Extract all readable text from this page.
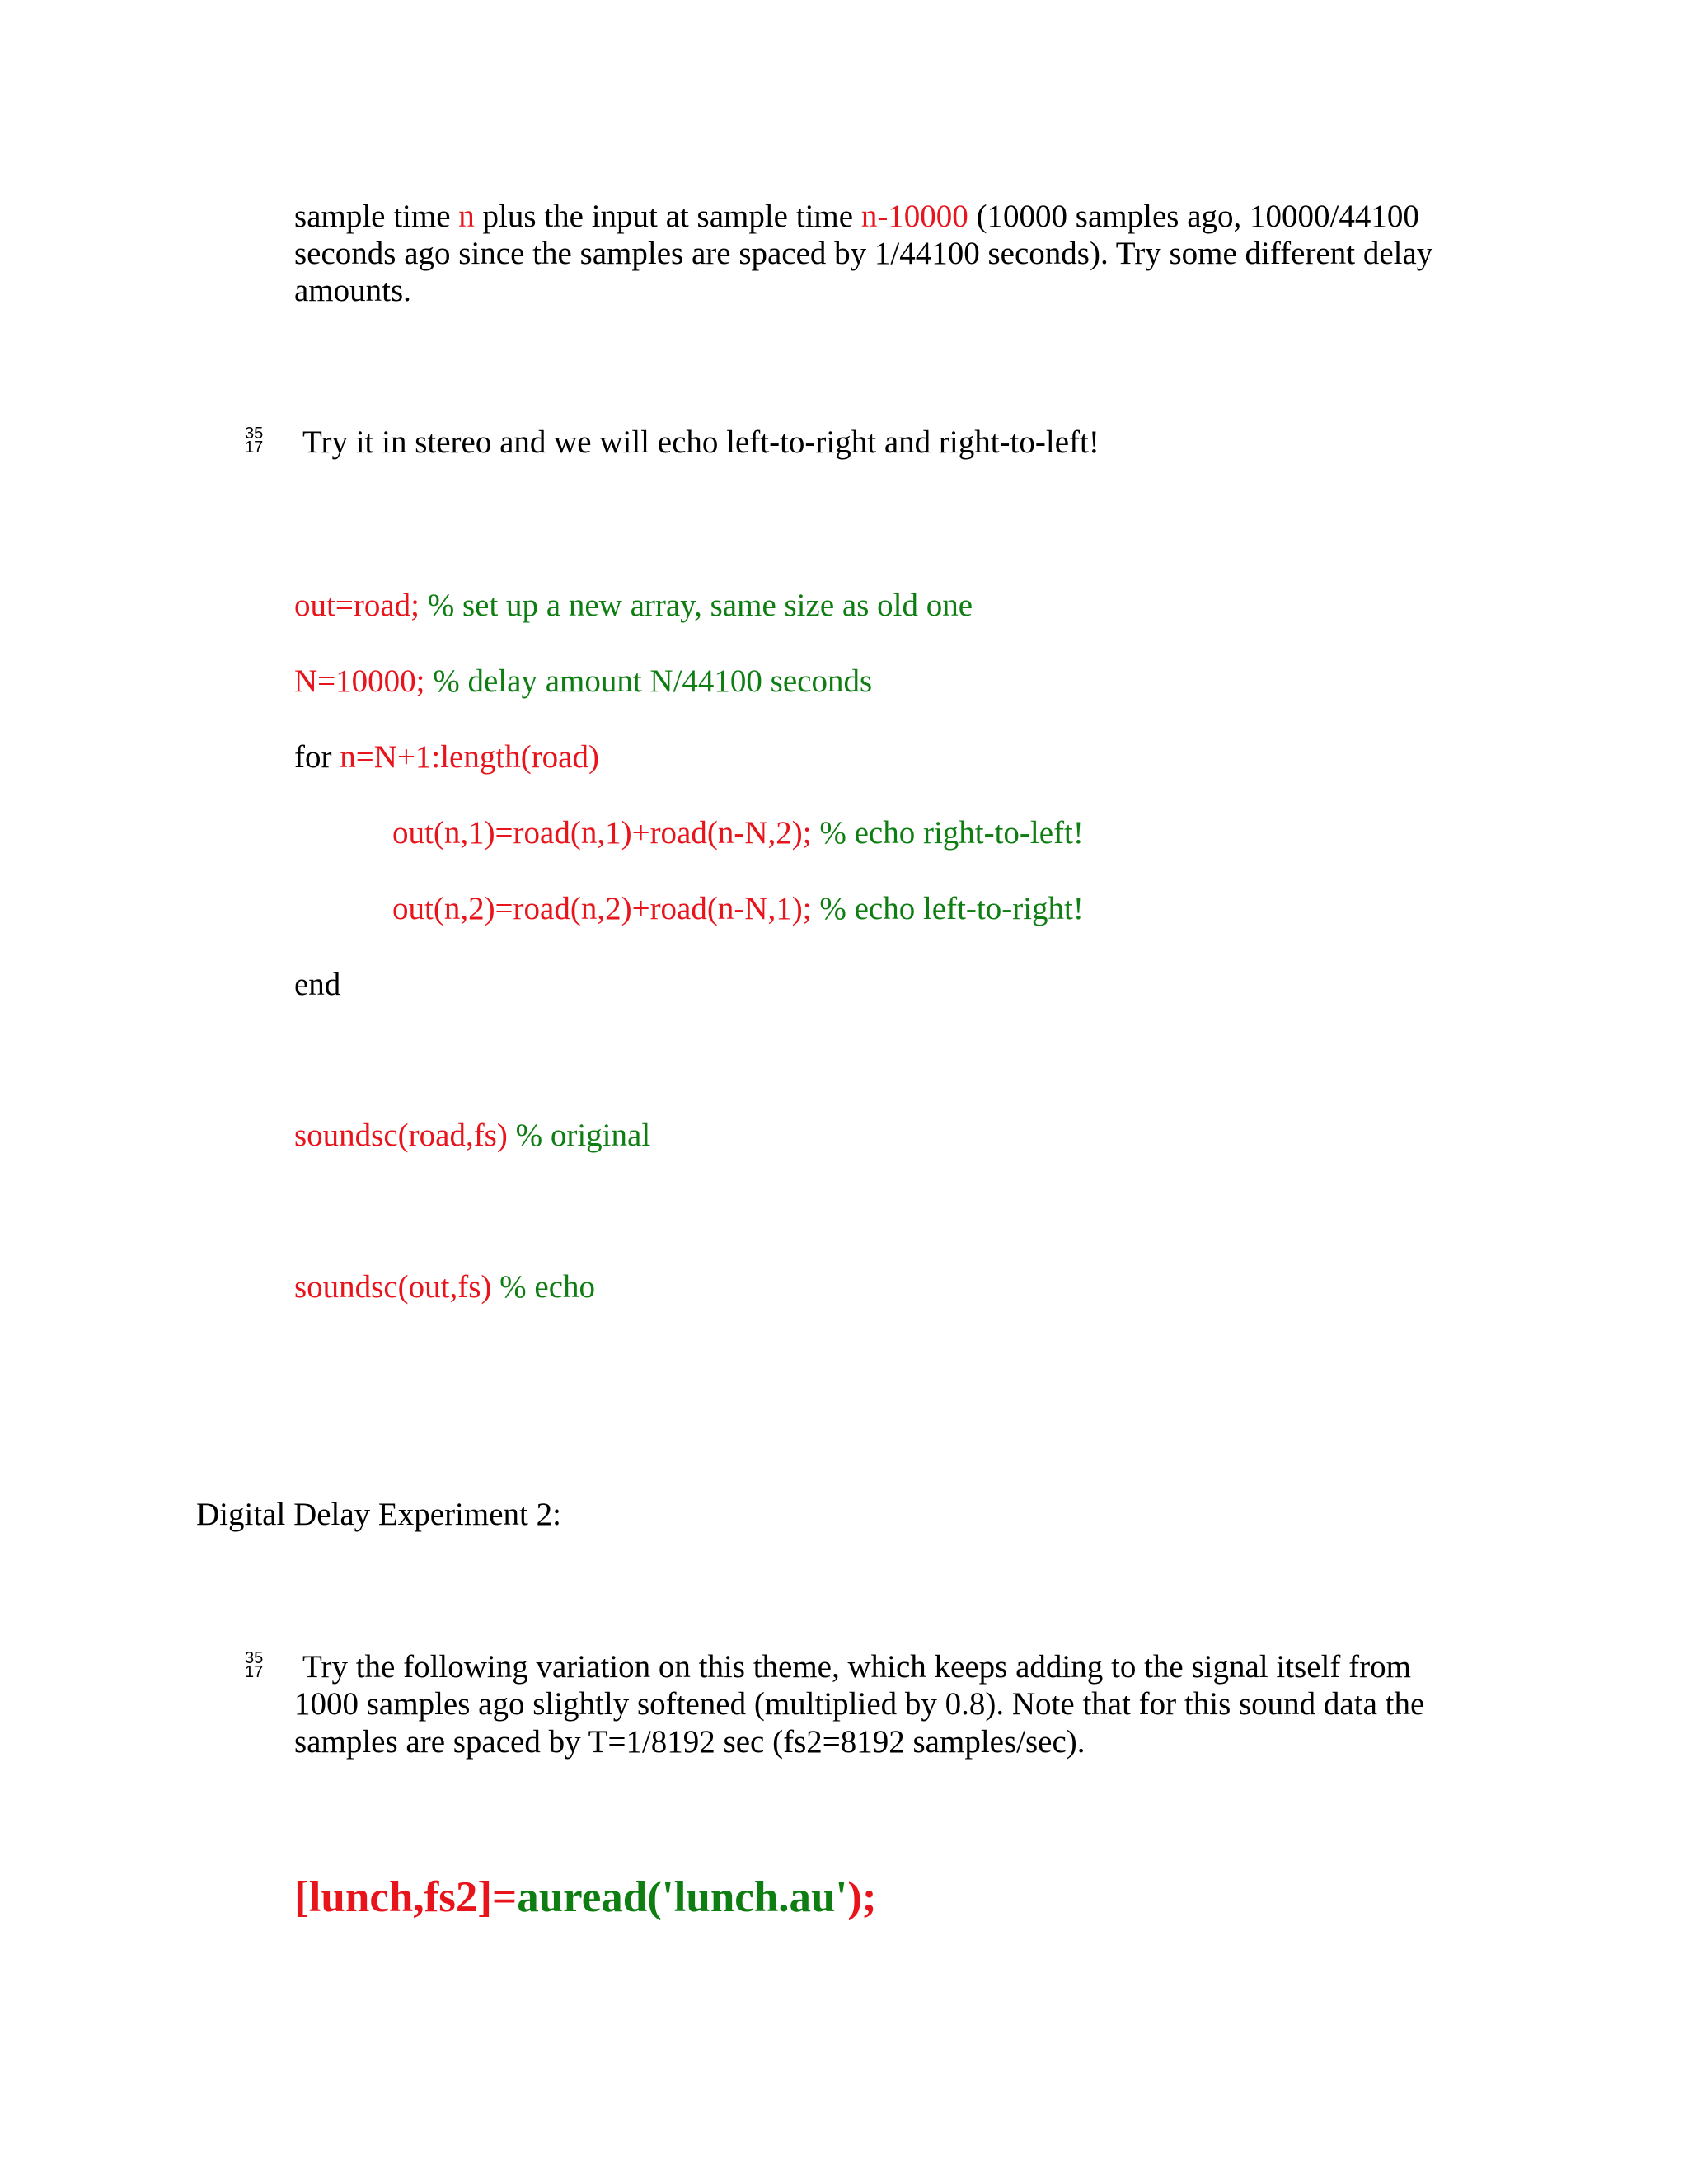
sample time n plus the input at sample time n-10000 (10000 samples ago, 10000/44100
seconds ago since the samples are spaced by 1/44100 seconds). Try some different delay
amounts.
35
17 Try it in stereo and we will echo left-to-right and right-to-left!
out=road; % set up a new array, same size as old one
N=10000; % delay amount N/44100 seconds
for n=N+1:length(road)
out(n,1)=road(n,1)+road(n-N,2); % echo right-to-left!
out(n,2)=road(n,2)+road(n-N,1); % echo left-to-right!
end
soundsc(road,fs) % original
soundsc(out,fs) % echo
Digital Delay Experiment 2:
35
17 Try the following variation on this theme, which keeps adding to the signal itself from
1000 samples ago slightly softened (multiplied by 0.8). Note that for this sound data the
samples are spaced by T=1/8192 sec (fs2=8192 samples/sec).
[lunch,fs2]=auread('lunch.au');
